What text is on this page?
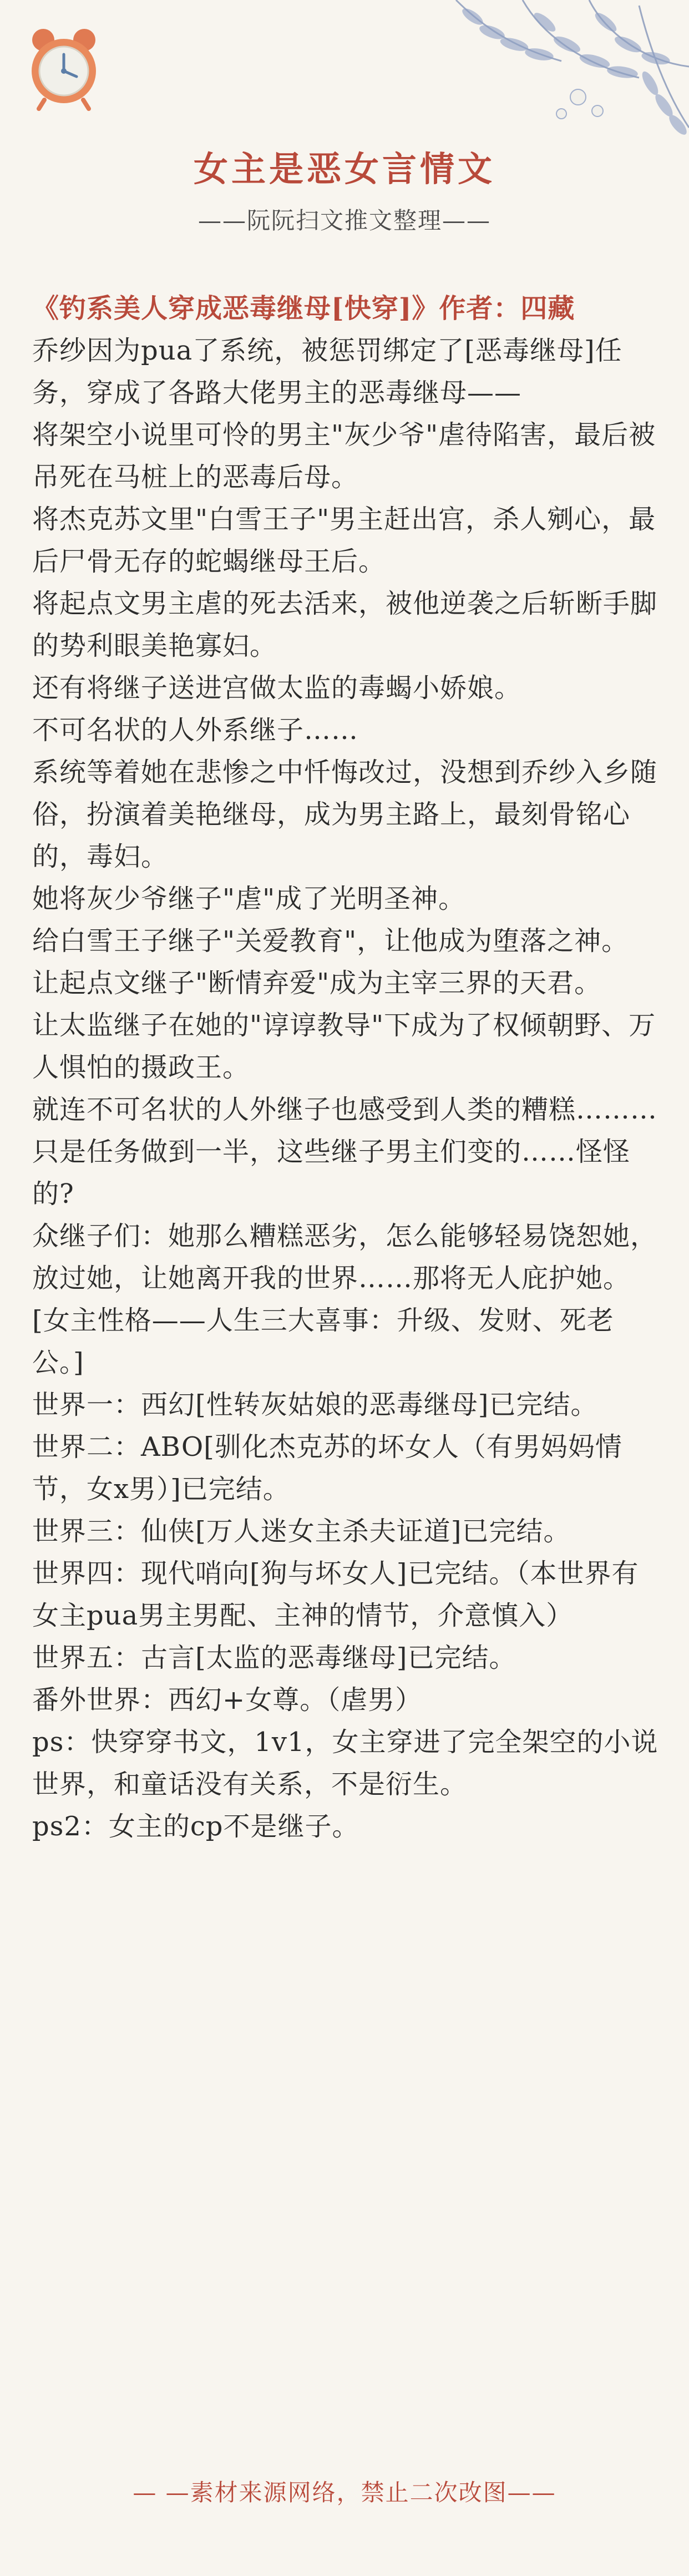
女主是恶女言情文

——阮阮扫文推文整理——

《钓系美人穿成恶毒继母[快穿]》作者：四藏

乔纱因为pua了系统，被惩罚绑定了[恶毒继母]任务，穿成了各路大佬男主的恶毒继母——

将架空小说里可怜的男主"灰少爷"虐待陷害，最后被吊死在马桩上的恶毒后母。

将杰克苏文里"白雪王子"男主赶出宫，杀人剜心，最后尸骨无存的蛇蝎继母王后。

将起点文男主虐的死去活来，被他逆袭之后斩断手脚的势利眼美艳寡妇。

还有将继子送进宫做太监的毒蝎小娇娘。

不可名状的人外系继子……

系统等着她在悲惨之中忏悔改过，没想到乔纱入乡随俗，扮演着美艳继母，成为男主路上，最刻骨铭心的，毒妇。

她将灰少爷继子"虐"成了光明圣神。

给白雪王子继子"关爱教育"，让他成为堕落之神。

让起点文继子"断情弃爱"成为主宰三界的天君。

让太监继子在她的"谆谆教导"下成为了权倾朝野、万人惧怕的摄政王。

就连不可名状的人外继子也感受到人类的糟糕………

只是任务做到一半，这些继子男主们变的……怪怪的?

众继子们：她那么糟糕恶劣，怎么能够轻易饶恕她，放过她，让她离开我的世界……那将无人庇护她。

[女主性格——人生三大喜事：升级、发财、死老公。]

世界一：西幻[性转灰姑娘的恶毒继母]已完结。

世界二：ABO[驯化杰克苏的坏女人（有男妈妈情节，女x男）]已完结。

世界三：仙侠[万人迷女主杀夫证道]已完结。

世界四：现代哨向[狗与坏女人]已完结。（本世界有女主pua男主男配、主神的情节，介意慎入）

世界五：古言[太监的恶毒继母]已完结。

番外世界：西幻+女尊。（虐男）

ps：快穿穿书文，1v1，女主穿进了完全架空的小说世界，和童话没有关系，不是衍生。

ps2：女主的cp不是继子。

— —素材来源网络，禁止二次改图——
